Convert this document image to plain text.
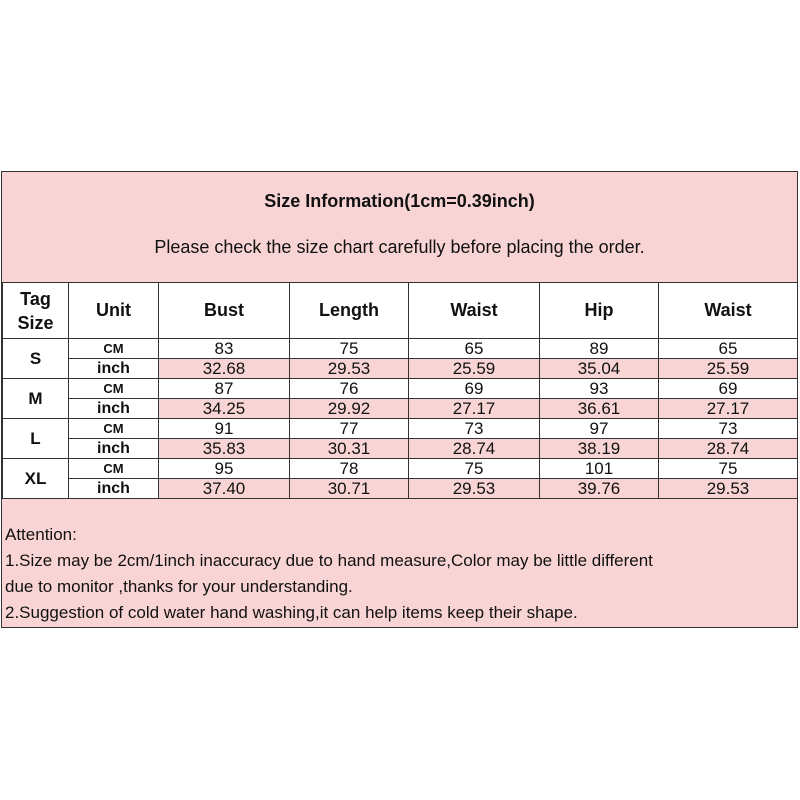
Size Information(1cm=0.39inch)
Please check the size chart carefully before placing the order.
Tag
Size	Unit	Bust	Length	Waist	Hip	Waist
S	CM	83	75	65	89	65
	inch	32.68	29.53	25.59	35.04	25.59
M	CM	87	76	69	93	69
	inch	34.25	29.92	27.17	36.61	27.17
L	CM	91	77	73	97	73
	inch	35.83	30.31	28.74	38.19	28.74
XL	CM	95	78	75	101	75
	inch	37.40	30.71	29.53	39.76	29.53
Attention:
1.Size may be 2cm/1inch inaccuracy due to hand measure,Color may be little different
due to monitor ,thanks for your understanding.
2.Suggestion of cold water hand washing,it can help items keep their shape.
